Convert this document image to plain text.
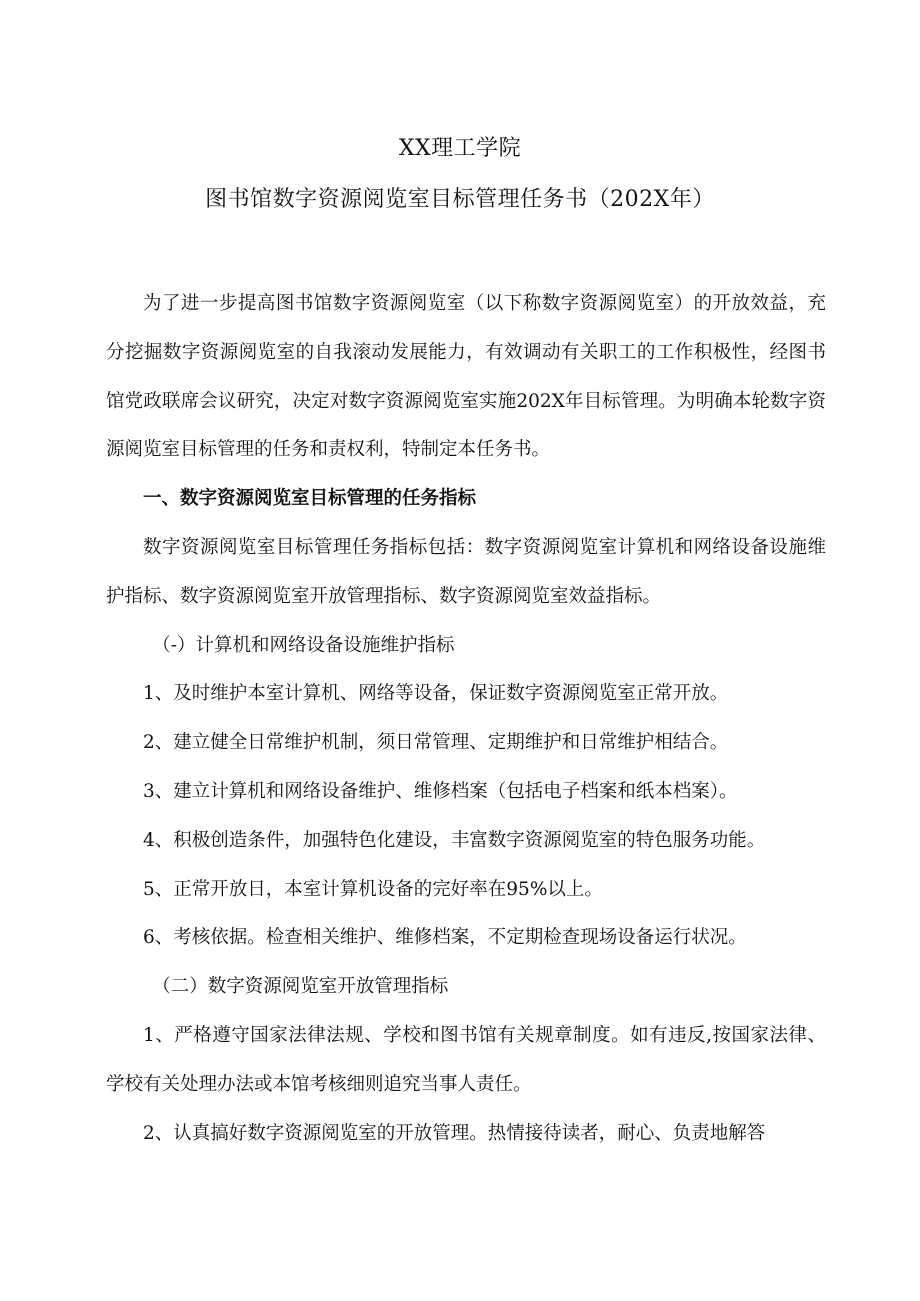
XX理工学院
图书馆数字资源阅览室目标管理任务书（202X年）

为了进一步提高图书馆数字资源阅览室（以下称数字资源阅览室）的开放效益，充分挖掘数字资源阅览室的自我滚动发展能力，有效调动有关职工的工作积极性，经图书馆党政联席会议研究，决定对数字资源阅览室实施202X年目标管理。为明确本轮数字资源阅览室目标管理的任务和责权利，特制定本任务书。

一、数字资源阅览室目标管理的任务指标

数字资源阅览室目标管理任务指标包括：数字资源阅览室计算机和网络设备设施维护指标、数字资源阅览室开放管理指标、数字资源阅览室效益指标。

（-）计算机和网络设备设施维护指标

1、及时维护本室计算机、网络等设备，保证数字资源阅览室正常开放。

2、建立健全日常维护机制，须日常管理、定期维护和日常维护相结合。

3、建立计算机和网络设备维护、维修档案（包括电子档案和纸本档案）。

4、积极创造条件，加强特色化建设，丰富数字资源阅览室的特色服务功能。

5、正常开放日，本室计算机设备的完好率在95%以上。

6、考核依据。检查相关维护、维修档案，不定期检查现场设备运行状况。

（二）数字资源阅览室开放管理指标

1、严格遵守国家法律法规、学校和图书馆有关规章制度。如有违反,按国家法律、学校有关处理办法或本馆考核细则追究当事人责任。

2、认真搞好数字资源阅览室的开放管理。热情接待读者，耐心、负责地解答
